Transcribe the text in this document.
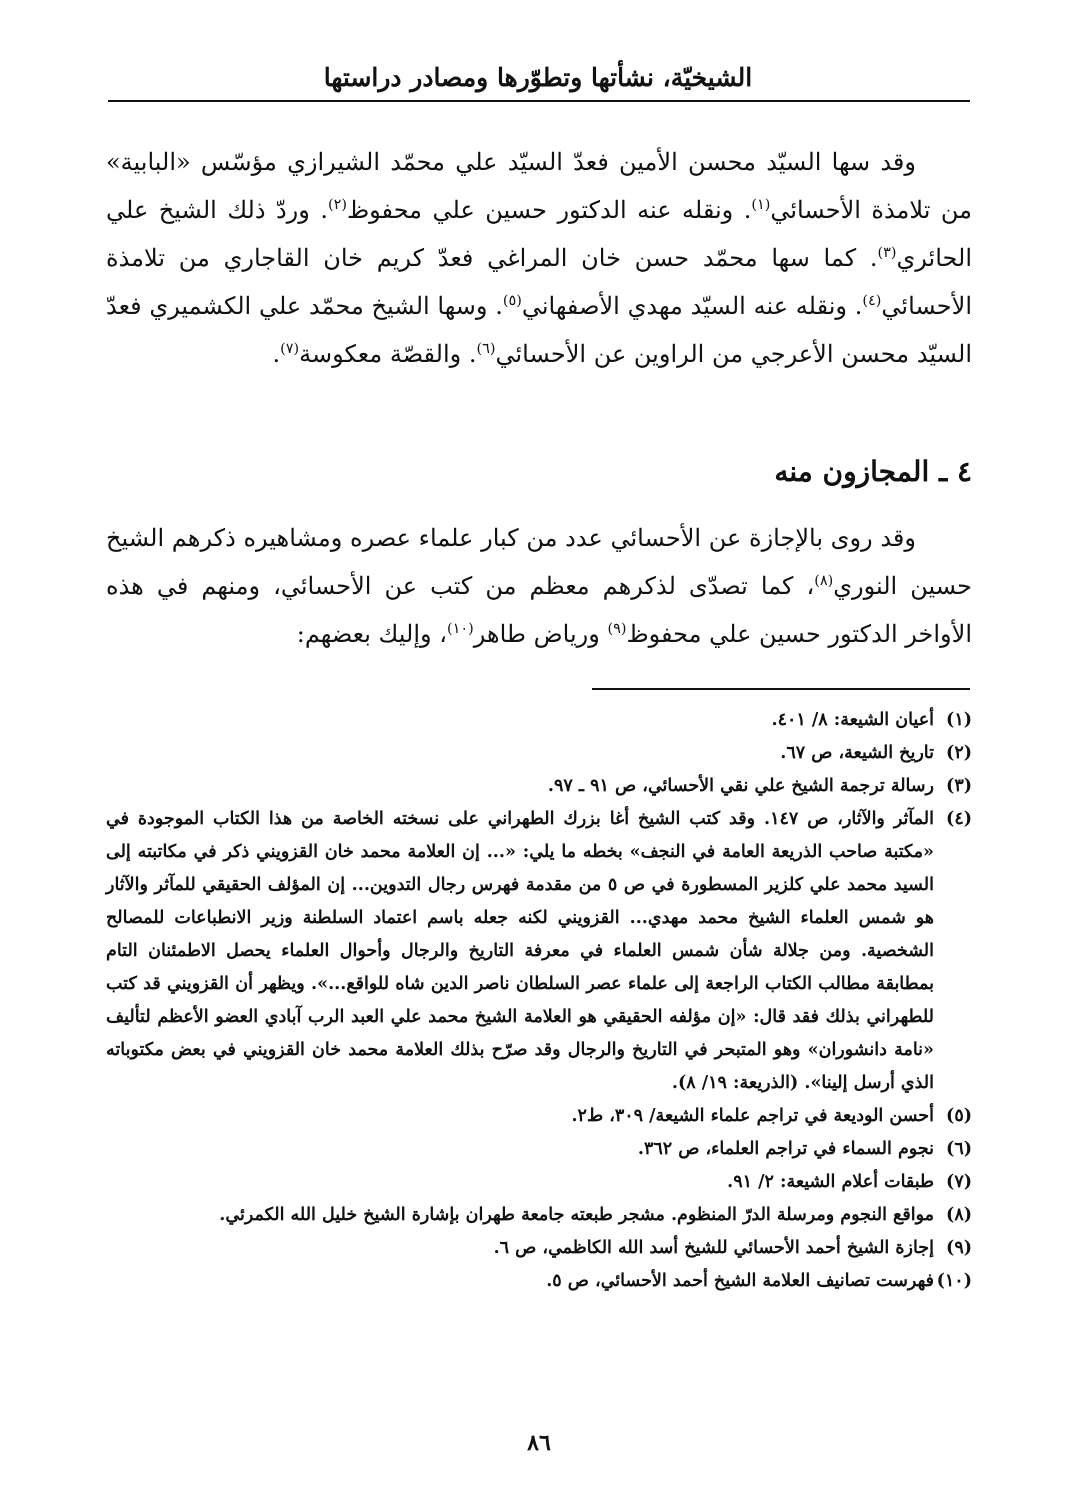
الشيخيّة، نشأتها وتطوّرها ومصادر دراستها

وقد سها السيّد محسن الأمين فعدّ السيّد علي محمّد الشيرازي مؤسّس «البابية» من تلامذة الأحسائي$^{(١)}$. ونقله عنه الدكتور حسين علي محفوظ$^{(٢)}$. وردّ ذلك الشيخ علي الحائري$^{(٣)}$. كما سها محمّد حسن خان المراغي فعدّ كريم خان القاجاري من تلامذة الأحسائي$^{(٤)}$. ونقله عنه السيّد مهدي الأصفهاني$^{(٥)}$. وسها الشيخ محمّد علي الكشميري فعدّ السيّد محسن الأعرجي من الراوين عن الأحسائي$^{(٦)}$. والقصّة معكوسة$^{(٧)}$.

٤ ـ المجازون منه

وقد روى بالإجازة عن الأحسائي عدد من كبار علماء عصره ومشاهيره ذكرهم الشيخ حسين النوري$^{(٨)}$، كما تصدّى لذكرهم معظم من كتب عن الأحسائي، ومنهم في هذه الأواخر الدكتور حسين علي محفوظ$^{(٩)}$ ورياض طاهر$^{(١٠)}$، وإليك بعضهم:

(١)
أعيان الشيعة: ٨/ ٤٠١.

(٢)
تاريخ الشيعة، ص ٦٧.

(٣)
رسالة ترجمة الشيخ علي نقي الأحسائي، ص ٩١ ـ ٩٧.

(٤)
المآثر والآثار، ص ١٤٧. وقد كتب الشيخ أغا بزرك الطهراني على نسخته الخاصة من هذا الكتاب الموجودة في «مكتبة صاحب الذريعة العامة في النجف» بخطه ما يلي: «... إن العلامة محمد خان القزويني ذكر في مكاتبته إلى السيد محمد علي كلزير المسطورة في ص ٥ من مقدمة فهرس رجال التدوين... إن المؤلف الحقيقي للمآثر والآثار هو شمس العلماء الشيخ محمد مهدي... القزويني لكنه جعله باسم اعتماد السلطنة وزير الانطباعات للمصالح الشخصية. ومن جلالة شأن شمس العلماء في معرفة التاريخ والرجال وأحوال العلماء يحصل الاطمئنان التام بمطابقة مطالب الكتاب الراجعة إلى علماء عصر السلطان ناصر الدين شاه للواقع...». ويظهر أن القزويني قد كتب للطهراني بذلك فقد قال: «إن مؤلفه الحقيقي هو العلامة الشيخ محمد علي العبد الرب آبادي العضو الأعظم لتأليف «نامة دانشوران» وهو المتبحر في التاريخ والرجال وقد صرّح بذلك العلامة محمد خان القزويني في بعض مكتوباته الذي أرسل إلينا». (الذريعة: ١٩/ ٨).

(٥)
أحسن الوديعة في تراجم علماء الشيعة/ ٣٠٩، ط٢.

(٦)
نجوم السماء في تراجم العلماء، ص ٣٦٢.

(٧)
طبقات أعلام الشيعة: ٢/ ٩١.

(٨)
مواقع النجوم ومرسلة الدرّ المنظوم. مشجر طبعته جامعة طهران بإشارة الشيخ خليل الله الكمرئي.

(٩)
إجازة الشيخ أحمد الأحسائي للشيخ أسد الله الكاظمي، ص ٦.

(١٠)
فهرست تصانيف العلامة الشيخ أحمد الأحسائي، ص ٥.

٨٦
